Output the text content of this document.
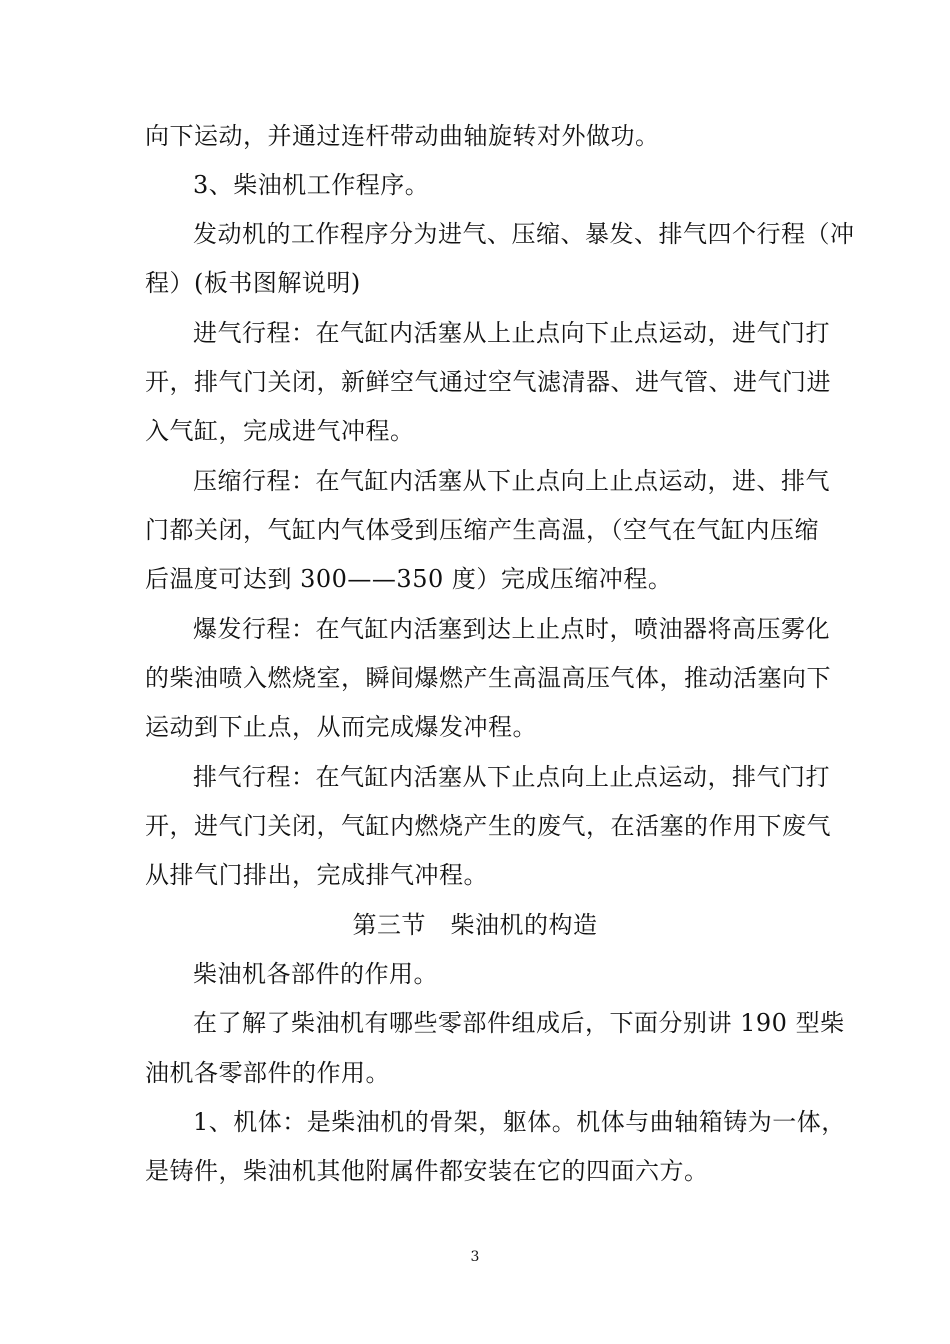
向下运动，并通过连杆带动曲轴旋转对外做功。
3、柴油机工作程序。
发动机的工作程序分为进气、压缩、暴发、排气四个行程（冲
程）(板书图解说明)
进气行程：在气缸内活塞从上止点向下止点运动，进气门打
开，排气门关闭，新鲜空气通过空气滤清器、进气管、进气门进
入气缸，完成进气冲程。
压缩行程：在气缸内活塞从下止点向上止点运动，进、排气
门都关闭，气缸内气体受到压缩产生高温，（空气在气缸内压缩
后温度可达到 300——350 度）完成压缩冲程。
爆发行程：在气缸内活塞到达上止点时，喷油器将高压雾化
的柴油喷入燃烧室，瞬间爆燃产生高温高压气体，推动活塞向下
运动到下止点，从而完成爆发冲程。
排气行程：在气缸内活塞从下止点向上止点运动，排气门打
开，进气门关闭，气缸内燃烧产生的废气，在活塞的作用下废气
从排气门排出，完成排气冲程。
第三节　柴油机的构造
柴油机各部件的作用。
在了解了柴油机有哪些零部件组成后，下面分别讲 190 型柴
油机各零部件的作用。
1、机体：是柴油机的骨架，躯体。机体与曲轴箱铸为一体，
是铸件，柴油机其他附属件都安装在它的四面六方。
3
